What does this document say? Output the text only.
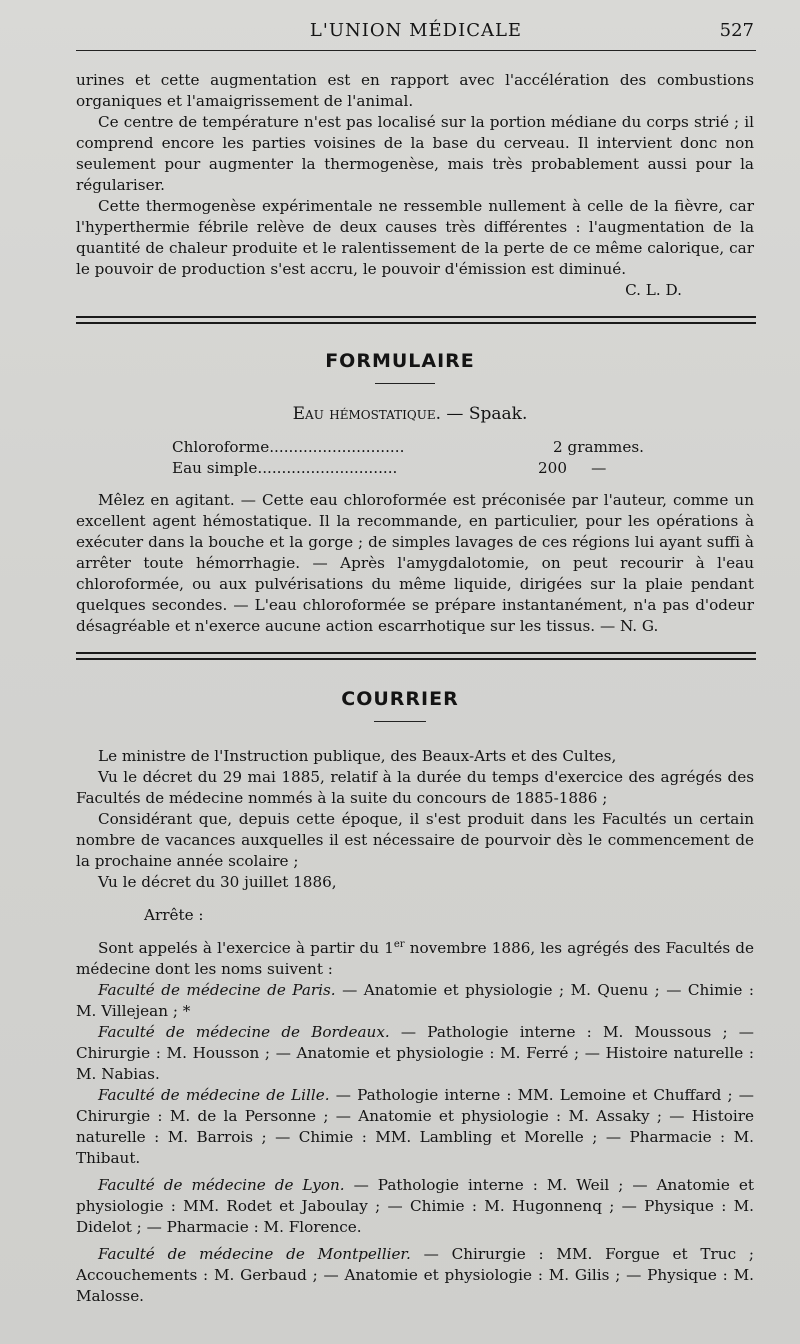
L'UNION MÉDICALE	527

urines et cette augmentation est en rapport avec l'accélération des combustions organiques et l'amaigrissement de l'animal.

Ce centre de température n'est pas localisé sur la portion médiane du corps strié ; il comprend encore les parties voisines de la base du cerveau. Il intervient donc non seulement pour augmenter la thermogenèse, mais très probablement aussi pour la régulariser.

Cette thermogenèse expérimentale ne ressemble nullement à celle de la fièvre, car l'hyperthermie fébrile relève de deux causes très différentes : l'augmentation de la quantité de chaleur produite et le ralentissement de la perte de ce même calorique, car le pouvoir de production s'est accru, le pouvoir d'émission est diminué.

C. L. D.
FORMULAIRE
Eau hémostatique. — Spaak.
Chloroforme............................	2 grammes.
Eau simple.............................	200     —

Mêlez en agitant. — Cette eau chloroformée est préconisée par l'auteur, comme un excellent agent hémostatique. Il la recommande, en particulier, pour les opérations à exécuter dans la bouche et la gorge ; de simples lavages de ces régions lui ayant suffi à arrêter toute hémorrhagie. — Après l'amygdalotomie, on peut recourir à l'eau chloroformée, ou aux pulvérisations du même liquide, dirigées sur la plaie pendant quelques secondes. — L'eau chloroformée se prépare instantanément, n'a pas d'odeur désagréable et n'exerce aucune action escarrhotique sur les tissus. — N. G.

COURRIER

Le ministre de l'Instruction publique, des Beaux-Arts et des Cultes,

Vu le décret du 29 mai 1885, relatif à la durée du temps d'exercice des agrégés des Facultés de médecine nommés à la suite du concours de 1885-1886 ;

Considérant que, depuis cette époque, il s'est produit dans les Facultés un certain nombre de vacances auxquelles il est nécessaire de pourvoir dès le commencement de la prochaine année scolaire ;

Vu le décret du 30 juillet 1886,

Arrête :

Sont appelés à l'exercice à partir du 1er novembre 1886, les agrégés des Facultés de médecine dont les noms suivent :

Faculté de médecine de Paris. — Anatomie et physiologie ; M. Quenu ; — Chimie : M. Villejean ; *

Faculté de médecine de Bordeaux. — Pathologie interne : M. Moussous ; — Chirurgie : M. Housson ; — Anatomie et physiologie : M. Ferré ; — Histoire naturelle : M. Nabias.

Faculté de médecine de Lille. — Pathologie interne : MM. Lemoine et Chuffard ; — Chirurgie : M. de la Personne ; — Anatomie et physiologie : M. Assaky ; — Histoire naturelle : M. Barrois ; — Chimie : MM. Lambling et Morelle ; — Pharmacie : M. Thibaut.

Faculté de médecine de Lyon. — Pathologie interne : M. Weil ; — Anatomie et physiologie : MM. Rodet et Jaboulay ; — Chimie : M. Hugonnenq ; — Physique : M. Didelot ; — Pharmacie : M. Florence.

Faculté de médecine de Montpellier. — Chirurgie : MM. Forgue et Truc ; Accouchements : M. Gerbaud ; — Anatomie et physiologie : M. Gilis ; — Physique : M. Malosse.
